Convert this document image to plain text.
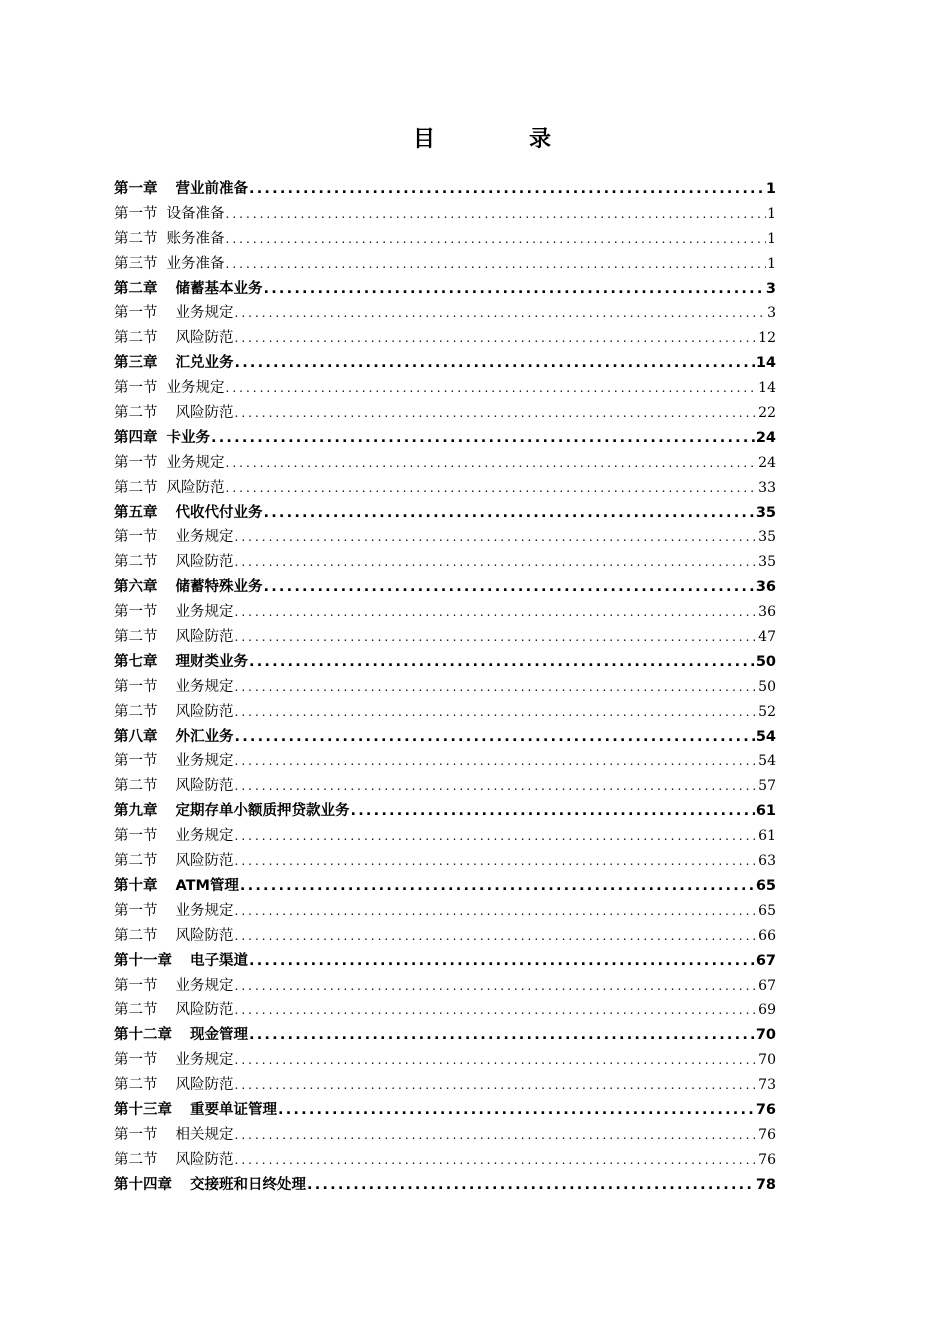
目　录
第一章 营业前准备 .....	1
第一节 设备准备 .....	1
第二节 账务准备 .....	1
第三节 业务准备 .....	1
第二章 储蓄基本业务 .....	3
第一节 业务规定 .....	3
第二节 风险防范 .....	12
第三章 汇兑业务 .....	14
第一节 业务规定 .....	14
第二节 风险防范 .....	22
第四章 卡业务 .....	24
第一节 业务规定 .....	24
第二节 风险防范 .....	33
第五章 代收代付业务 .....	35
第一节 业务规定 .....	35
第二节 风险防范 .....	35
第六章 储蓄特殊业务 .....	36
第一节 业务规定 .....	36
第二节 风险防范 .....	47
第七章 理财类业务 .....	50
第一节 业务规定 .....	50
第二节 风险防范 .....	52
第八章 外汇业务 .....	54
第一节 业务规定 .....	54
第二节 风险防范 .....	57
第九章 定期存单小额质押贷款业务 .....	61
第一节 业务规定 .....	61
第二节 风险防范 .....	63
第十章 ATM管理 .....	65
第一节 业务规定 .....	65
第二节 风险防范 .....	66
第十一章 电子渠道 .....	67
第一节 业务规定 .....	67
第二节 风险防范 .....	69
第十二章 现金管理 .....	70
第一节 业务规定 .....	70
第二节 风险防范 .....	73
第十三章 重要单证管理 .....	76
第一节 相关规定 .....	76
第二节 风险防范 .....	76
第十四章 交接班和日终处理 .....	78
